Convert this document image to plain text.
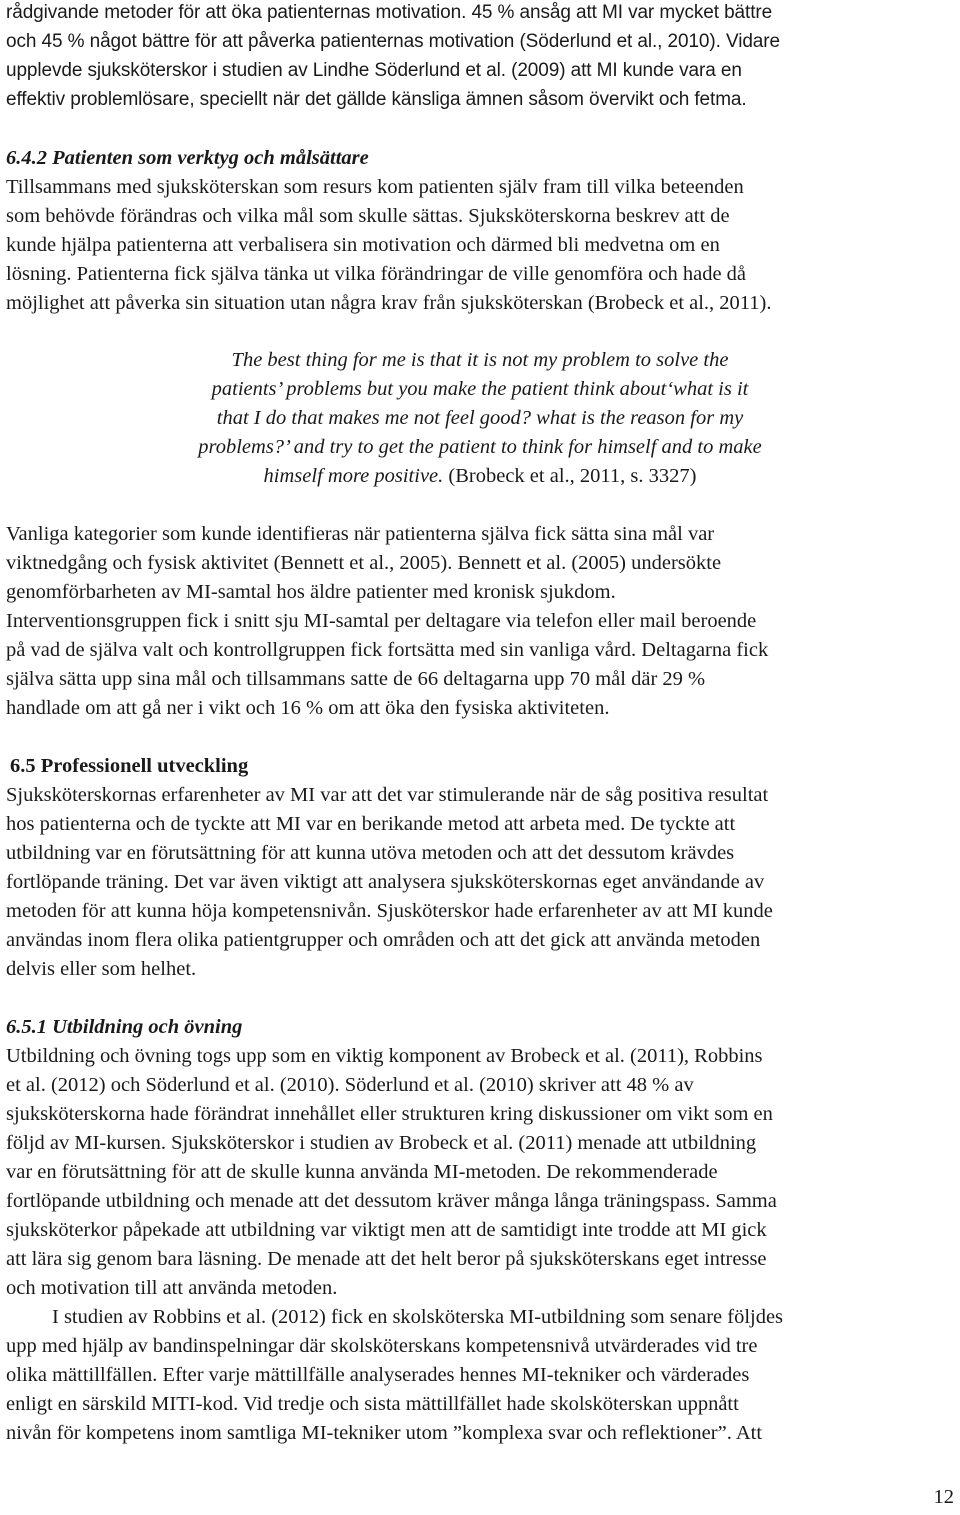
rådgivande metoder för att öka patienternas motivation. 45 % ansåg att MI var mycket bättre

och 45 % något bättre för att påverka patienternas motivation (Söderlund et al., 2010). Vidare

upplevde sjuksköterskor i studien av Lindhe Söderlund et al. (2009) att MI kunde vara en

effektiv problemlösare, speciellt när det gällde känsliga ämnen såsom övervikt och fetma.

6.4.2 Patienten som verktyg och målsättare

Tillsammans med sjuksköterskan som resurs kom patienten själv fram till vilka beteenden

som behövde förändras och vilka mål som skulle sättas. Sjuksköterskorna beskrev att de

kunde hjälpa patienterna att verbalisera sin motivation och därmed bli medvetna om en

lösning. Patienterna fick själva tänka ut vilka förändringar de ville genomföra och hade då

möjlighet att påverka sin situation utan några krav från sjuksköterskan (Brobeck et al., 2011).

The best thing for me is that it is not my problem to solve the

patients’ problems but you make the patient think about‘what is it

that I do that makes me not feel good? what is the reason for my

problems?’ and try to get the patient to think for himself and to make

himself more positive. (Brobeck et al., 2011, s. 3327)

Vanliga kategorier som kunde identifieras när patienterna själva fick sätta sina mål var

viktnedgång och fysisk aktivitet (Bennett et al., 2005). Bennett et al. (2005) undersökte

genomförbarheten av MI-samtal hos äldre patienter med kronisk sjukdom.

Interventionsgruppen fick i snitt sju MI-samtal per deltagare via telefon eller mail beroende

på vad de själva valt och kontrollgruppen fick fortsätta med sin vanliga vård. Deltagarna fick

själva sätta upp sina mål och tillsammans satte de 66 deltagarna upp 70 mål där 29 %

handlade om att gå ner i vikt och 16 % om att öka den fysiska aktiviteten.

6.5 Professionell utveckling

Sjuksköterskornas erfarenheter av MI var att det var stimulerande när de såg positiva resultat

hos patienterna och de tyckte att MI var en berikande metod att arbeta med. De tyckte att

utbildning var en förutsättning för att kunna utöva metoden och att det dessutom krävdes

fortlöpande träning. Det var även viktigt att analysera sjuksköterskornas eget användande av

metoden för att kunna höja kompetensnivån. Sjusköterskor hade erfarenheter av att MI kunde

användas inom flera olika patientgrupper och områden och att det gick att använda metoden

delvis eller som helhet.

6.5.1 Utbildning och övning

Utbildning och övning togs upp som en viktig komponent av Brobeck et al. (2011), Robbins

et al. (2012) och Söderlund et al. (2010). Söderlund et al. (2010) skriver att 48 % av

sjuksköterskorna hade förändrat innehållet eller strukturen kring diskussioner om vikt som en

följd av MI-kursen. Sjuksköterskor i studien av Brobeck et al. (2011) menade att utbildning

var en förutsättning för att de skulle kunna använda MI-metoden. De rekommenderade

fortlöpande utbildning och menade att det dessutom kräver många långa träningspass. Samma

sjuksköterkor påpekade att utbildning var viktigt men att de samtidigt inte trodde att MI gick

att lära sig genom bara läsning. De menade att det helt beror på sjuksköterskans eget intresse

och motivation till att använda metoden.

I studien av Robbins et al. (2012) fick en skolsköterska MI-utbildning som senare följdes

upp med hjälp av bandinspelningar där skolsköterskans kompetensnivå utvärderades vid tre

olika mättillfällen. Efter varje mättillfälle analyserades hennes MI-tekniker och värderades

enligt en särskild MITI-kod. Vid tredje och sista mättillfället hade skolsköterskan uppnått

nivån för kompetens inom samtliga MI-tekniker utom ”komplexa svar och reflektioner”. Att

12
